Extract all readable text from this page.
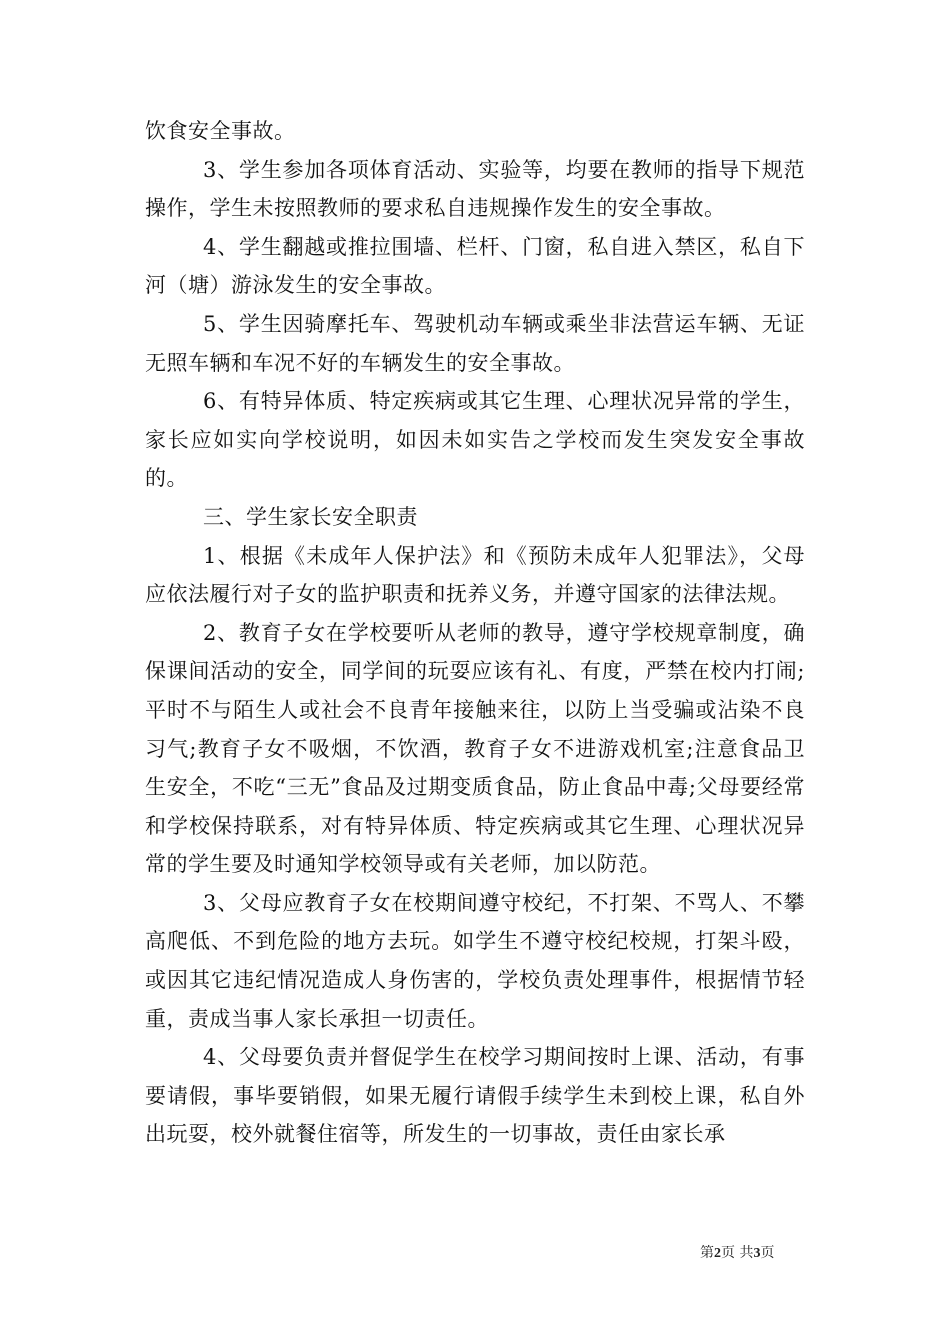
饮食安全事故。

3、学生参加各项体育活动、实验等，均要在教师的指导下规范操作，学生未按照教师的要求私自违规操作发生的安全事故。

4、学生翻越或推拉围墙、栏杆、门窗，私自进入禁区，私自下河（塘）游泳发生的安全事故。

5、学生因骑摩托车、驾驶机动车辆或乘坐非法营运车辆、无证无照车辆和车况不好的车辆发生的安全事故。

6、有特异体质、特定疾病或其它生理、心理状况异常的学生，家长应如实向学校说明，如因未如实告之学校而发生突发安全事故的。

三、学生家长安全职责

1、根据《未成年人保护法》和《预防未成年人犯罪法》，父母应依法履行对子女的监护职责和抚养义务，并遵守国家的法律法规。

2、教育子女在学校要听从老师的教导，遵守学校规章制度，确保课间活动的安全，同学间的玩耍应该有礼、有度，严禁在校内打闹;平时不与陌生人或社会不良青年接触来往，以防上当受骗或沾染不良习气;教育子女不吸烟，不饮酒，教育子女不进游戏机室;注意食品卫生安全，不吃“三无”食品及过期变质食品，防止食品中毒;父母要经常和学校保持联系，对有特异体质、特定疾病或其它生理、心理状况异常的学生要及时通知学校领导或有关老师，加以防范。

3、父母应教育子女在校期间遵守校纪，不打架、不骂人、不攀高爬低、不到危险的地方去玩。如学生不遵守校纪校规，打架斗殴，或因其它违纪情况造成人身伤害的，学校负责处理事件，根据情节轻重，责成当事人家长承担一切责任。

4、父母要负责并督促学生在校学习期间按时上课、活动，有事要请假，事毕要销假，如果无履行请假手续学生未到校上课，私自外出玩耍，校外就餐住宿等，所发生的一切事故，责任由家长承

第2页 共3页
